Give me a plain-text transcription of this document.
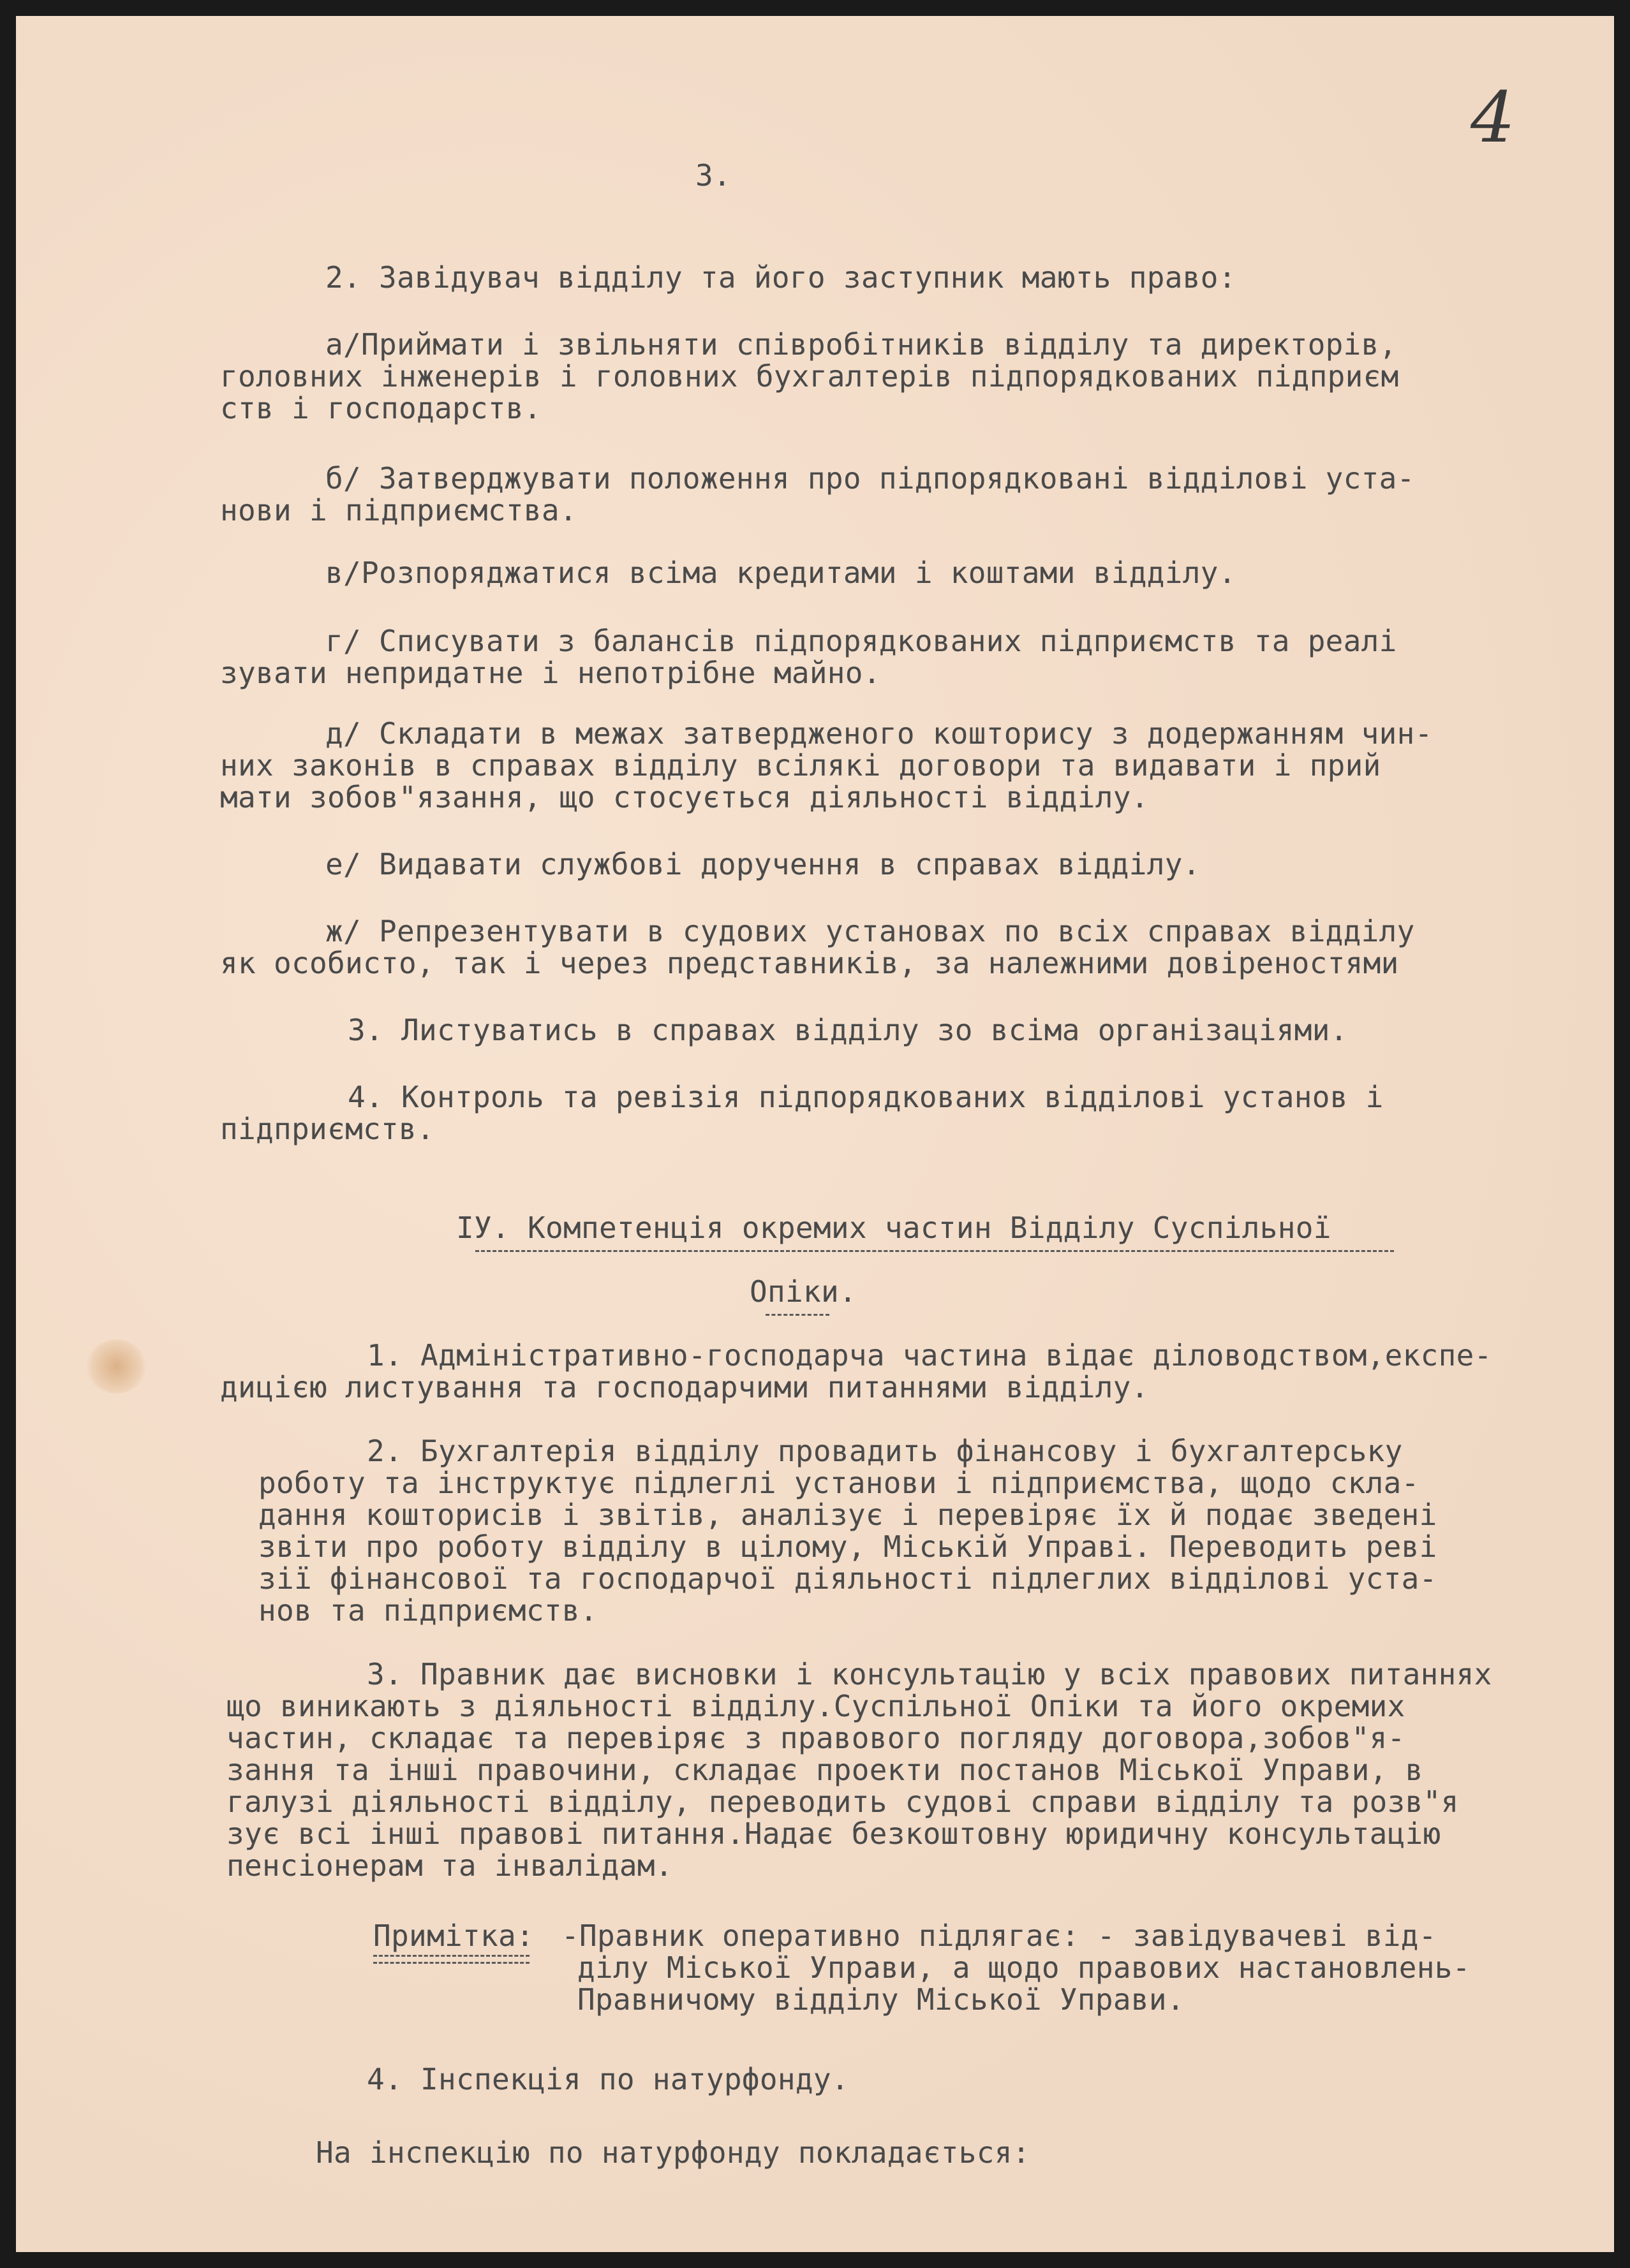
4
3.
2. Завідувач відділу та його заступник мають право:
а/Приймати і звільняти співробітників відділу та директорів,
головних інженерів і головних бухгалтерів підпорядкованих підприєм
ств і господарств.
б/ Затверджувати положення про підпорядковані відділові уста-
нови і підприємства.
в/Розпоряджатися всіма кредитами і коштами відділу.
г/ Списувати з балансів підпорядкованих підприємств та реалі
зувати непридатне і непотрібне майно.
д/ Складати в межах затвердженого кошторису з додержанням чин-
них законів в справах відділу всілякі договори та видавати і прий
мати зобов"язання, що стосується діяльності відділу.
е/ Видавати службові доручення в справах відділу.
ж/ Репрезентувати в судових установах по всіх справах відділу
як особисто, так і через представників, за належними довіреностями
3. Листуватись в справах відділу зо всіма організаціями.
4. Контроль та ревізія підпорядкованих відділові установ і
підприємств.
ІУ. Компетенція окремих частин Відділу Суспільної
Опіки.
1. Адміністративно-господарча частина відає діловодством,експе-
дицією листування та господарчими питаннями відділу.
2. Бухгалтерія відділу провадить фінансову і бухгалтерську
роботу та інструктує підлеглі установи і підприємства, щодо скла-
дання кошторисів і звітів, аналізує і перевіряє їх й подає зведені
звіти про роботу відділу в цілому, Міській Управі. Переводить реві
зії фінансової та господарчої діяльності підлеглих відділові уста-
нов та підприємств.
3. Правник дає висновки і консультацію у всіх правових питаннях
що виникають з діяльності відділу.Суспільної Опіки та його окремих
частин, складає та перевіряє з правового погляду договора,зобов"я-
зання та інші правочини, складає проекти постанов Міської Управи, в
галузі діяльності відділу, переводить судові справи відділу та розв"я
зує всі інші правові питання.Надає безкоштовну юридичну консультацію
пенсіонерам та інвалідам.
Примітка: -Правник оперативно підлягає: - завідувачеві від-
ділу Міської Управи, а щодо правових настановлень-
Правничому відділу Міської Управи.
4. Інспекція по натурфонду.
На інспекцію по натурфонду покладається:
